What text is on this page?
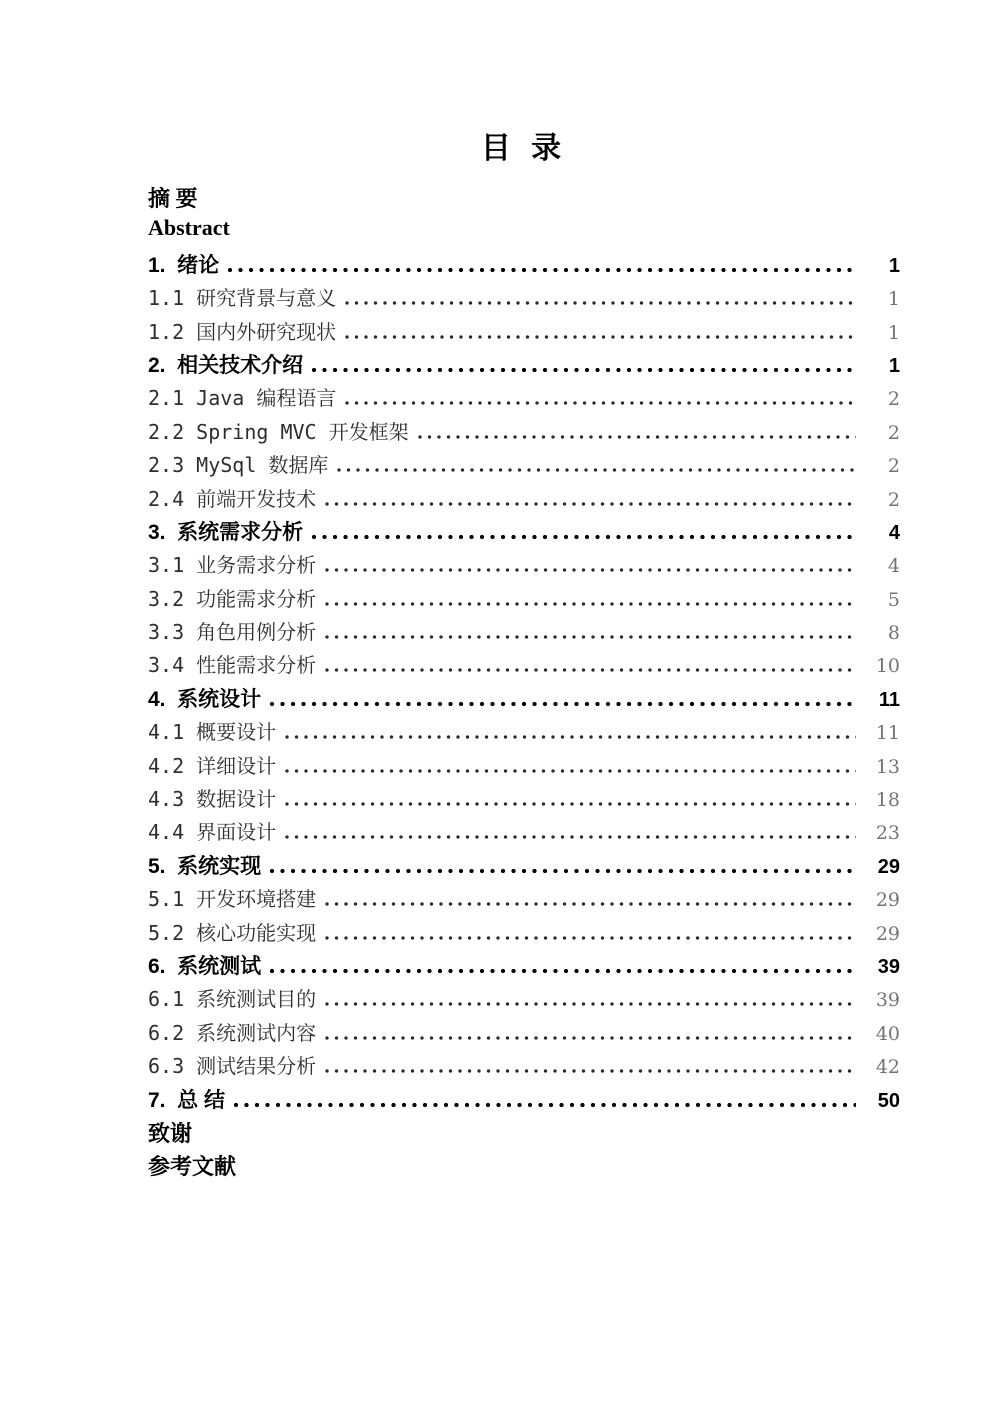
目 录
摘 要
Abstract
1.  绪论	1
1.1 研究背景与意义	1
1.2 国内外研究现状	1
2.  相关技术介绍	1
2.1 Java 编程语言	2
2.2 Spring MVC 开发框架	2
2.3 MySql 数据库	2
2.4 前端开发技术	2
3.  系统需求分析	4
3.1 业务需求分析	4
3.2 功能需求分析	5
3.3 角色用例分析	8
3.4 性能需求分析	10
4.  系统设计	11
4.1 概要设计	11
4.2 详细设计	13
4.3 数据设计	18
4.4 界面设计	23
5.  系统实现	29
5.1 开发环境搭建	29
5.2 核心功能实现	29
6.  系统测试	39
6.1 系统测试目的	39
6.2 系统测试内容	40
6.3 测试结果分析	42
7.  总 结	50
致谢
参考文献
